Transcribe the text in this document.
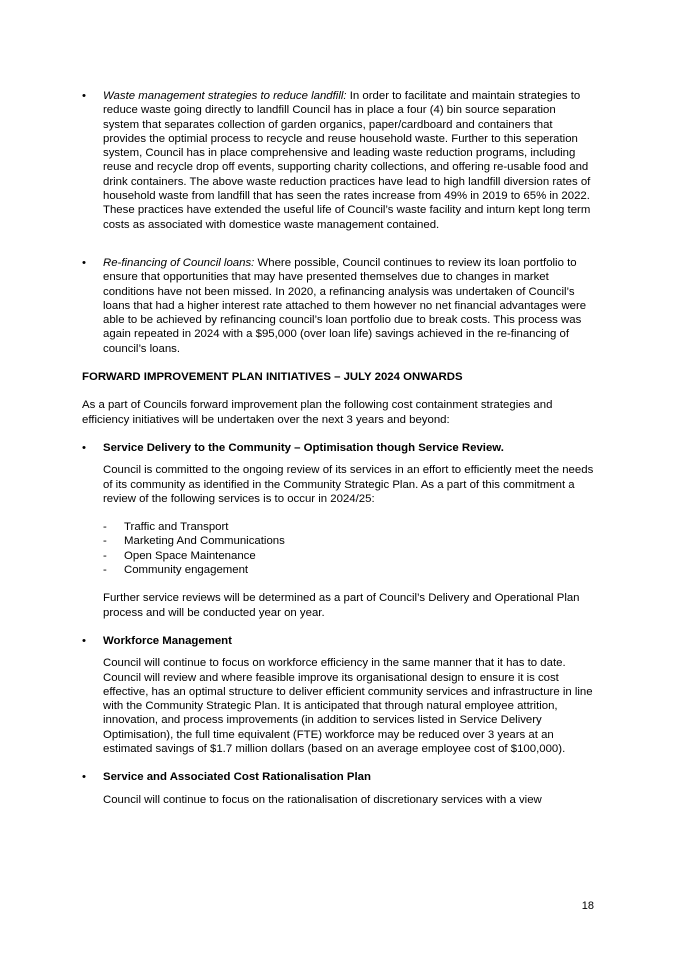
• Waste management strategies to reduce landfill: In order to facilitate and maintain strategies to reduce waste going directly to landfill Council has in place a four (4) bin source separation system that separates collection of garden organics, paper/cardboard and containers that provides the optimial process to recycle and reuse household waste. Further to this seperation system, Council has in place comprehensive and leading waste reduction programs, including reuse and recycle drop off events, supporting charity collections, and offering re-usable food and drink containers. The above waste reduction practices have lead to high landfill diversion rates of household waste from landfill that has seen the rates increase from 49% in 2019 to 65% in 2022. These practices have extended the useful life of Council’s waste facility and inturn kept long term costs as associated with domestice waste management contained.

• Re-financing of Council loans: Where possible, Council continues to review its loan portfolio to ensure that opportunities that may have presented themselves due to changes in market conditions have not been missed. In 2020, a refinancing analysis was undertaken of Council’s loans that had a higher interest rate attached to them however no net financial advantages were able to be achieved by refinancing council’s loan portfolio due to break costs. This process was again repeated in 2024 with a $95,000 (over loan life) savings achieved in the re-financing of council’s loans.

FORWARD IMPROVEMENT PLAN INITIATIVES – JULY 2024 ONWARDS

As a part of Councils forward improvement plan the following cost containment strategies and efficiency initiatives will be undertaken over the next 3 years and beyond:

• Service Delivery to the Community – Optimisation though Service Review.

Council is committed to the ongoing review of its services in an effort to efficiently meet the needs of its community as identified in the Community Strategic Plan. As a part of this commitment a review of the following services is to occur in 2024/25:

- Traffic and Transport
- Marketing And Communications
- Open Space Maintenance
- Community engagement

Further service reviews will be determined as a part of Council’s Delivery and Operational Plan process and will be conducted year on year.

• Workforce Management

Council will continue to focus on workforce efficiency in the same manner that it has to date. Council will review and where feasible improve its organisational design to ensure it is cost effective, has an optimal structure to deliver efficient community services and infrastructure in line with the Community Strategic Plan. It is anticipated that through natural employee attrition, innovation, and process improvements (in addition to services listed in Service Delivery Optimisation), the full time equivalent (FTE) workforce may be reduced over 3 years at an estimated savings of $1.7 million dollars (based on an average employee cost of $100,000).

• Service and Associated Cost Rationalisation Plan

Council will continue to focus on the rationalisation of discretionary services with a view

18
